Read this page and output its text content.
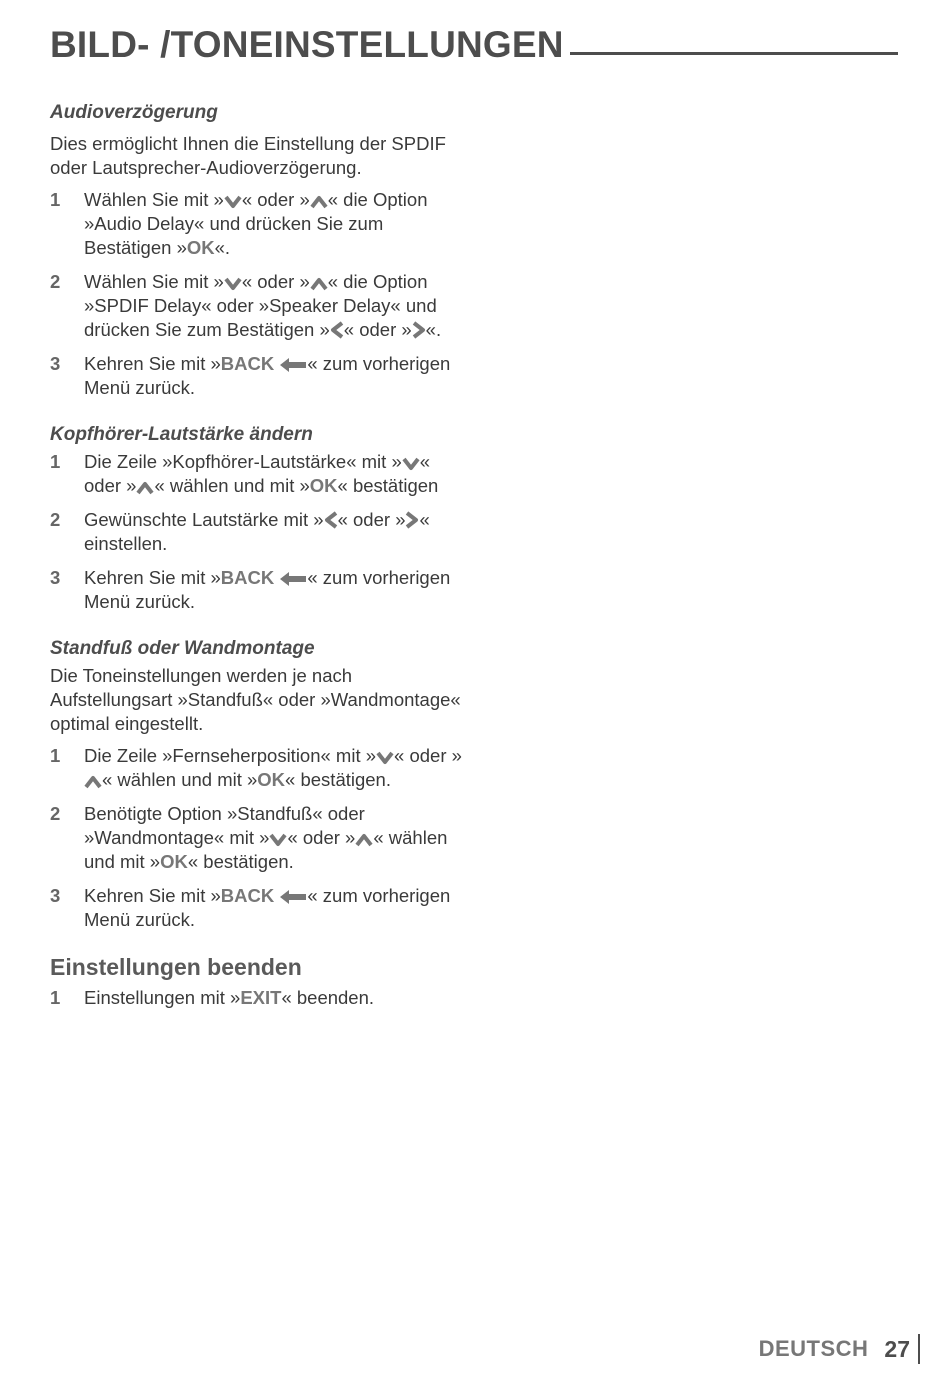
BILD- /TONEINSTELLUNGEN
Audioverzögerung
Dies ermöglicht Ihnen die Einstellung der SPDIF oder Lautsprecher-Audioverzögerung.
1	Wählen Sie mit » « oder » « die Option »Audio Delay« und drücken Sie zum Bestätigen »OK«.
2	Wählen Sie mit » « oder » « die Option »SPDIF Delay« oder »Speaker Delay« und drücken Sie zum Bestätigen » « oder » «.
3	Kehren Sie mit »BACK « zum vorherigen Menü zurück.
Kopfhörer-Lautstärke ändern
1	Die Zeile »Kopfhörer-Lautstärke« mit » « oder » « wählen und mit »OK« bestätigen
2	Gewünschte Lautstärke mit » « oder » « einstellen.
3	Kehren Sie mit »BACK « zum vorherigen Menü zurück.
Standfuß oder Wandmontage
Die Toneinstellungen werden je nach Aufstellungsart »Standfuß« oder »Wandmontage« optimal eingestellt.
1	Die Zeile »Fernseherposition« mit » « oder »« wählen und mit »OK« bestätigen.
2	Benötigte Option »Standfuß« oder »Wandmontage« mit » « oder » « wählen und mit »OK« bestätigen.
3	Kehren Sie mit »BACK « zum vorherigen Menü zurück.
Einstellungen beenden
1	Einstellungen mit »EXIT« beenden.
DEUTSCH 27
